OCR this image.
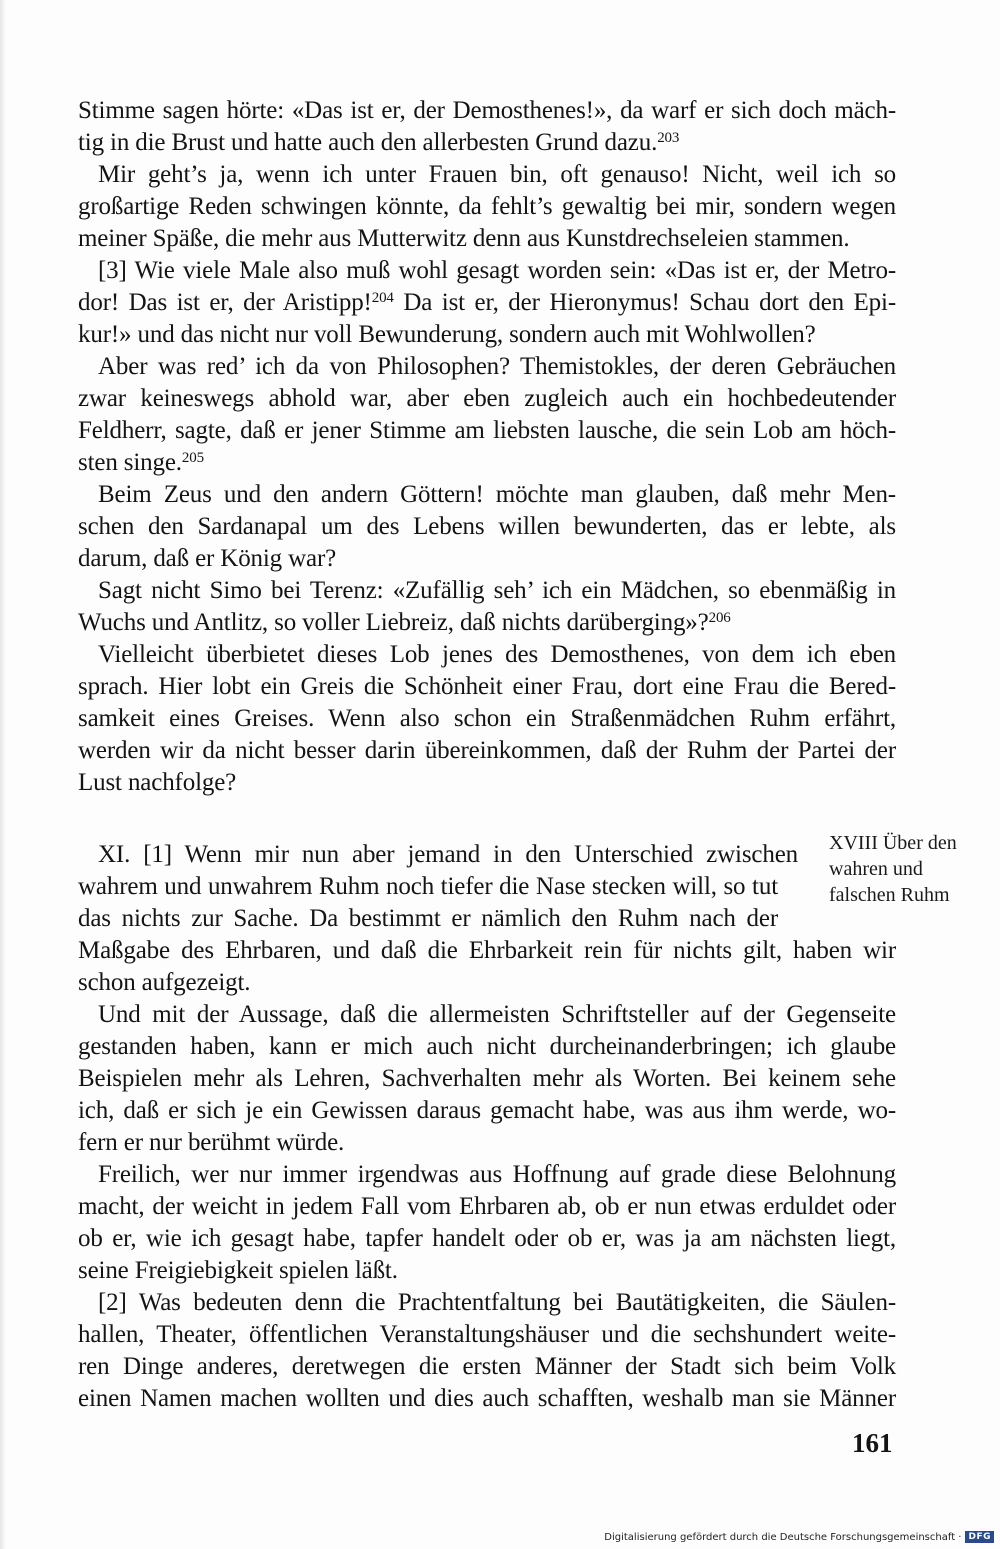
Stimme sagen hörte: «Das ist er, der Demosthenes!», da warf er sich doch mäch-
tig in die Brust und hatte auch den allerbesten Grund dazu.$^{203}$
Mir geht’s ja, wenn ich unter Frauen bin, oft genauso! Nicht, weil ich so
großartige Reden schwingen könnte, da fehlt’s gewaltig bei mir, sondern wegen
meiner Späße, die mehr aus Mutterwitz denn aus Kunstdrechseleien stammen.
[3] Wie viele Male also muß wohl gesagt worden sein: «Das ist er, der Metro-
dor! Das ist er, der Aristipp!$^{204}$ Da ist er, der Hieronymus! Schau dort den Epi-
kur!» und das nicht nur voll Bewunderung, sondern auch mit Wohlwollen?
Aber was red’ ich da von Philosophen? Themistokles, der deren Gebräuchen
zwar keineswegs abhold war, aber eben zugleich auch ein hochbedeutender
Feldherr, sagte, daß er jener Stimme am liebsten lausche, die sein Lob am höch-
sten singe.$^{205}$
Beim Zeus und den andern Göttern! möchte man glauben, daß mehr Men-
schen den Sardanapal um des Lebens willen bewunderten, das er lebte, als
darum, daß er König war?
Sagt nicht Simo bei Terenz: «Zufällig seh’ ich ein Mädchen, so ebenmäßig in
Wuchs und Antlitz, so voller Liebreiz, daß nichts darüberging»?$^{206}$
Vielleicht überbietet dieses Lob jenes des Demosthenes, von dem ich eben
sprach. Hier lobt ein Greis die Schönheit einer Frau, dort eine Frau die Bered-
samkeit eines Greises. Wenn also schon ein Straßenmädchen Ruhm erfährt,
werden wir da nicht besser darin übereinkommen, daß der Ruhm der Partei der
Lust nachfolge?
XI. [1] Wenn mir nun aber jemand in den Unterschied zwischen
wahrem und unwahrem Ruhm noch tiefer die Nase stecken will, so tut
das nichts zur Sache. Da bestimmt er nämlich den Ruhm nach der
Maßgabe des Ehrbaren, und daß die Ehrbarkeit rein für nichts gilt, haben wir
schon aufgezeigt.
Und mit der Aussage, daß die allermeisten Schriftsteller auf der Gegenseite
gestanden haben, kann er mich auch nicht durcheinanderbringen; ich glaube
Beispielen mehr als Lehren, Sachverhalten mehr als Worten. Bei keinem sehe
ich, daß er sich je ein Gewissen daraus gemacht habe, was aus ihm werde, wo-
fern er nur berühmt würde.
Freilich, wer nur immer irgendwas aus Hoffnung auf grade diese Belohnung
macht, der weicht in jedem Fall vom Ehrbaren ab, ob er nun etwas erduldet oder
ob er, wie ich gesagt habe, tapfer handelt oder ob er, was ja am nächsten liegt,
seine Freigiebigkeit spielen läßt.
[2] Was bedeuten denn die Prachtentfaltung bei Bautätigkeiten, die Säulen-
hallen, Theater, öffentlichen Veranstaltungshäuser und die sechshundert weite-
ren Dinge anderes, deretwegen die ersten Männer der Stadt sich beim Volk
einen Namen machen wollten und dies auch schafften, weshalb man sie Männer
XVIII Über den
wahren und
falschen Ruhm
161
Digitalisierung gefördert durch die Deutsche Forschungsgemeinschaft · DFG
